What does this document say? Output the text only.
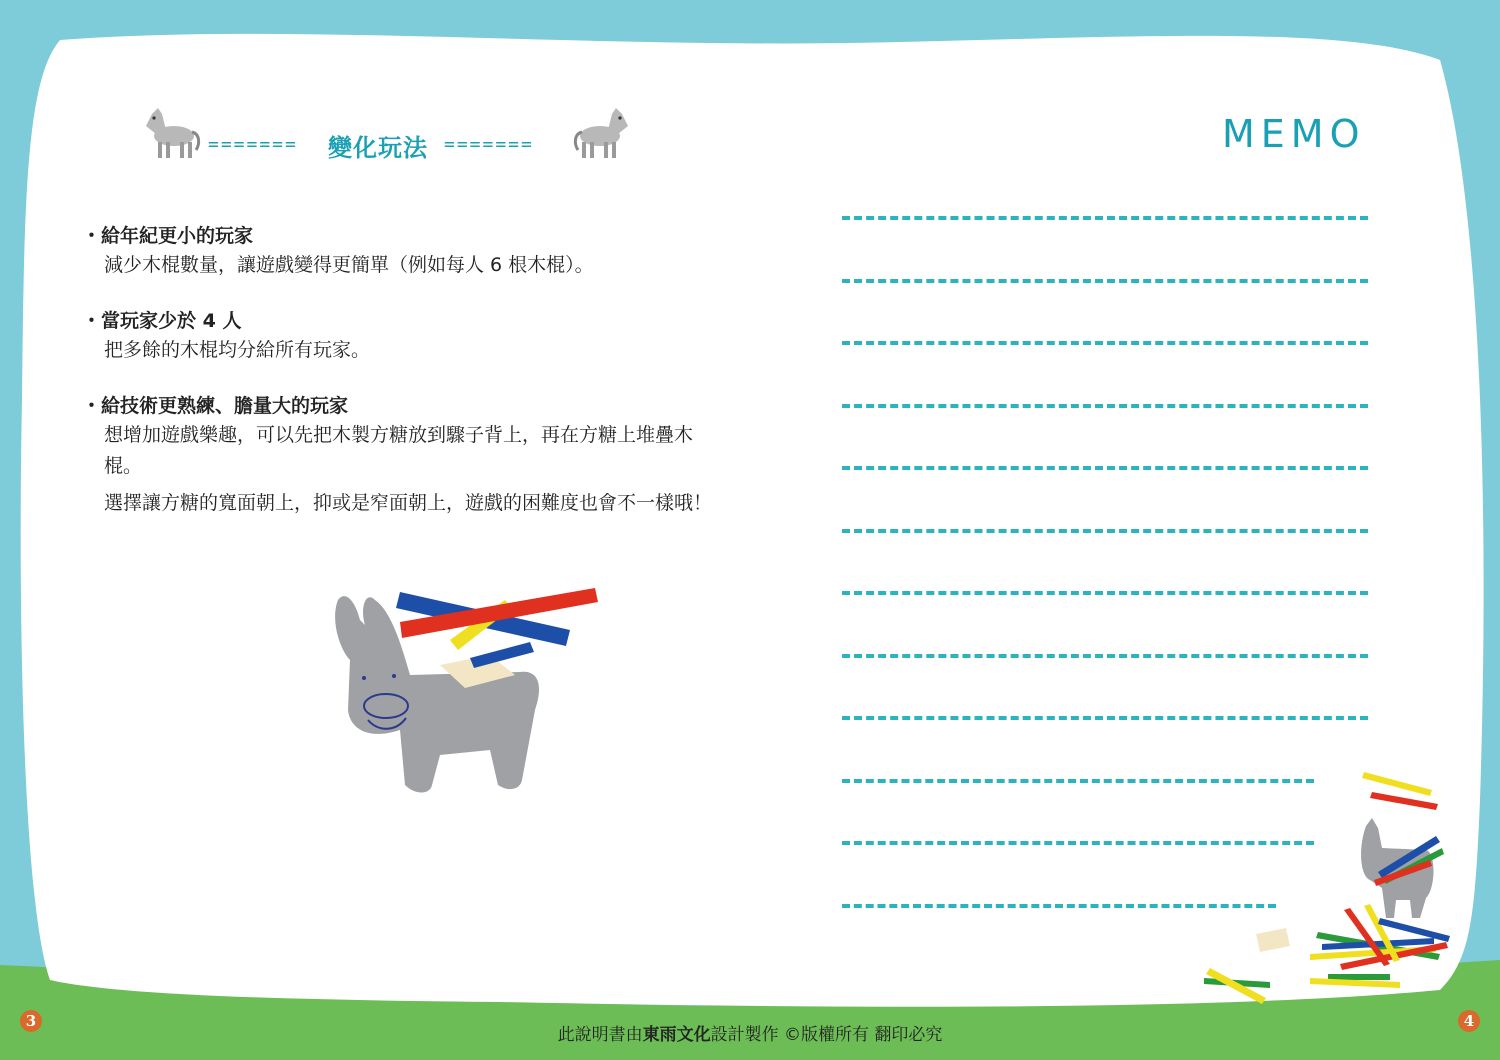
======= 變化玩法 =======
・給年紀更小的玩家

減少木棍數量，讓遊戲變得更簡單（例如每人 6 根木棍）。

・當玩家少於 4 人

把多餘的木棍均分給所有玩家。

・給技術更熟練、膽量大的玩家

想增加遊戲樂趣，可以先把木製方糖放到驟子背上，再在方糖上堆疊木棍。

選擇讓方糖的寬面朝上，抑或是窄面朝上，遊戲的困難度也會不一樣哦！

MEMO
此說明書由東雨文化設計製作 ©版權所有 翻印必究
3	4
